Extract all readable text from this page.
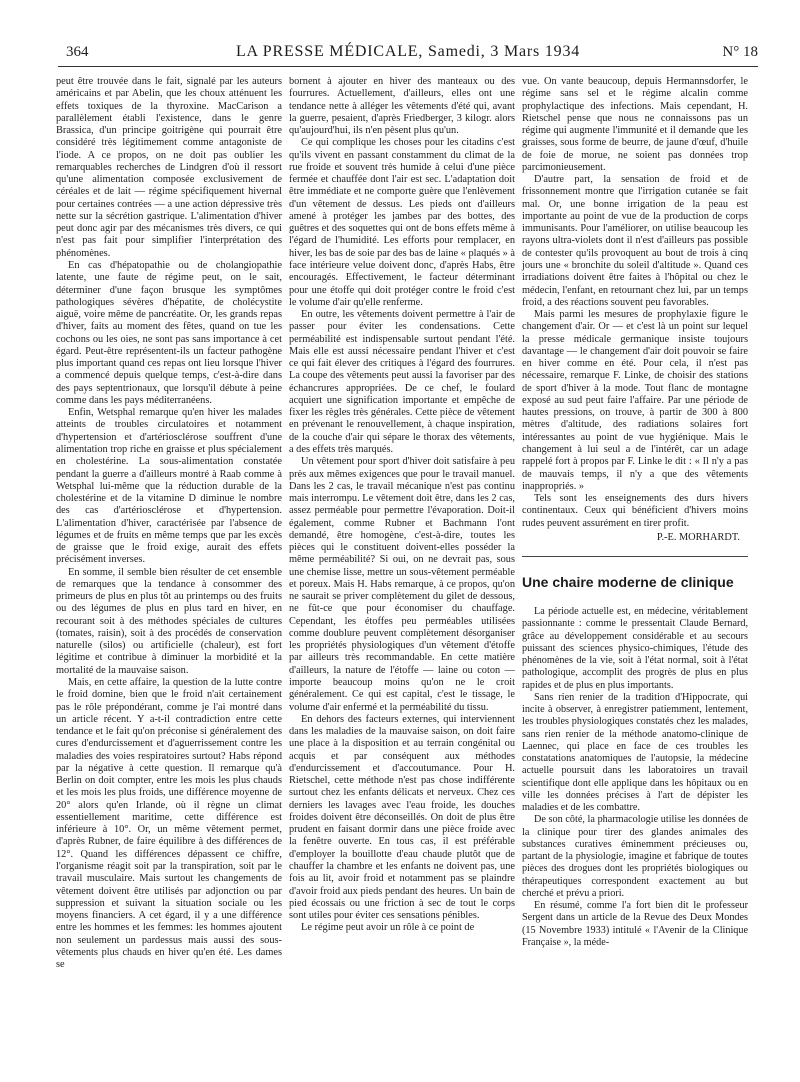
364	LA PRESSE MÉDICALE, Samedi, 3 Mars 1934	N° 18

peut être trouvée dans le fait, signalé par les auteurs américains et par Abelin, que les choux atténuent les effets toxiques de la thyroxine. MacCarison a parallèlement établi l'existence, dans le genre Brassica, d'un principe goitrigène qui pourrait être considéré très légitimement comme antagoniste de l'iode. A ce propos, on ne doit pas oublier les remarquables recherches de Lindgren d'où il ressort qu'une alimentation composée exclusivement de céréales et de lait — régime spécifiquement hivernal pour certaines contrées — a une action dépressive très nette sur la sécrétion gastrique. L'alimentation d'hiver peut donc agir par des mécanismes très divers, ce qui n'est pas fait pour simplifier l'interprétation des phénomènes.

En cas d'hépatopathie ou de cholangiopathie latente, une faute de régime peut, on le sait, déterminer d'une façon brusque les symptômes pathologiques sévères d'hépatite, de cholécystite aiguë, voire même de pancréatite. Or, les grands repas d'hiver, faits au moment des fêtes, quand on tue les cochons ou les oies, ne sont pas sans importance à cet égard. Peut-être représentent-ils un facteur pathogène plus important quand ces repas ont lieu lorsque l'hiver a commencé depuis quelque temps, c'est-à-dire dans des pays septentrionaux, que lorsqu'il débute à peine comme dans les pays méditerranéens.

Enfin, Wetsphal remarque qu'en hiver les malades atteints de troubles circulatoires et notamment d'hypertension et d'artériosclérose souffrent d'une alimentation trop riche en graisse et plus spécialement en cholestérine. La sous-alimentation constatée pendant la guerre a d'ailleurs montré à Raab comme à Wetsphal lui-même que la réduction durable de la cholestérine et de la vitamine D diminue le nombre des cas d'artériosclérose et d'hypertension. L'alimentation d'hiver, caractérisée par l'absence de légumes et de fruits en même temps que par les excès de graisse que le froid exige, aurait des effets précisément inverses.

En somme, il semble bien résulter de cet ensemble de remarques que la tendance à consommer des primeurs de plus en plus tôt au printemps ou des fruits ou des légumes de plus en plus tard en hiver, en recourant soit à des méthodes spéciales de cultures (tomates, raisin), soit à des procédés de conservation naturelle (silos) ou artificielle (chaleur), est fort légitime et contribue à diminuer la morbidité et la mortalité de la mauvaise saison.

Mais, en cette affaire, la question de la lutte contre le froid domine, bien que le froid n'ait certainement pas le rôle prépondérant, comme je l'ai montré dans un article récent. Y a-t-il contradiction entre cette tendance et le fait qu'on préconise si généralement des cures d'endurcissement et d'aguerrissement contre les maladies des voies respiratoires surtout? Habs répond par la négative à cette question. Il remarque qu'à Berlin on doit compter, entre les mois les plus chauds et les mois les plus froids, une différence moyenne de 20° alors qu'en Irlande, où il règne un climat essentiellement maritime, cette différence est inférieure à 10°. Or, un même vêtement permet, d'après Rubner, de faire équilibre à des différences de 12°. Quand les différences dépassent ce chiffre, l'organisme réagit soit par la transpiration, soit par le travail musculaire. Mais surtout les changements de vêtement doivent être utilisés par adjonction ou par suppression et suivant la situation sociale ou les moyens financiers. A cet égard, il y a une différence entre les hommes et les femmes: les hommes ajoutent non seulement un pardessus mais aussi des sous-vêtements plus chauds en hiver qu'en été. Les dames se

bornent à ajouter en hiver des manteaux ou des fourrures. Actuellement, d'ailleurs, elles ont une tendance nette à alléger les vêtements d'été qui, avant la guerre, pesaient, d'après Friedberger, 3 kilogr. alors qu'aujourd'hui, ils n'en pèsent plus qu'un.

Ce qui complique les choses pour les citadins c'est qu'ils vivent en passant constamment du climat de la rue froide et souvent très humide à celui d'une pièce fermée et chauffée dont l'air est sec. L'adaptation doit être immédiate et ne comporte guère que l'enlèvement d'un vêtement de dessus. Les pieds ont d'ailleurs amené à protéger les jambes par des bottes, des guêtres et des soquettes qui ont de bons effets même à l'égard de l'humidité. Les efforts pour remplacer, en hiver, les bas de soie par des bas de laine « plaqués » à face intérieure velue doivent donc, d'après Habs, être encouragés. Effectivement, le facteur déterminant pour une étoffe qui doit protéger contre le froid c'est le volume d'air qu'elle renferme.

En outre, les vêtements doivent permettre à l'air de passer pour éviter les condensations. Cette perméabilité est indispensable surtout pendant l'été. Mais elle est aussi nécessaire pendant l'hiver et c'est ce qui fait élever des critiques à l'égard des fourrures. La coupe des vêtements peut aussi la favoriser par des échancrures appropriées. De ce chef, le foulard acquiert une signification importante et empêche de fixer les règles très générales. Cette pièce de vêtement en prévenant le renouvellement, à chaque inspiration, de la couche d'air qui sépare le thorax des vêtements, a des effets très marqués.

Un vêtement pour sport d'hiver doit satisfaire à peu près aux mêmes exigences que pour le travail manuel. Dans les 2 cas, le travail mécanique n'est pas continu mais interrompu. Le vêtement doit être, dans les 2 cas, assez perméable pour permettre l'évaporation. Doit-il également, comme Rubner et Bachmann l'ont demandé, être homogène, c'est-à-dire, toutes les pièces qui le constituent doivent-elles posséder la même perméabilité? Si oui, on ne devrait pas, sous une chemise lisse, mettre un sous-vêtement perméable et poreux. Mais H. Habs remarque, à ce propos, qu'on ne saurait se priver complètement du gilet de dessous, ne fût-ce que pour économiser du chauffage. Cependant, les étoffes peu perméables utilisées comme doublure peuvent complètement désorganiser les propriétés physiologiques d'un vêtement d'étoffe par ailleurs très recommandable. En cette matière d'ailleurs, la nature de l'étoffe — laine ou coton — importe beaucoup moins qu'on ne le croit généralement. Ce qui est capital, c'est le tissage, le volume d'air enfermé et la perméabilité du tissu.

En dehors des facteurs externes, qui interviennent dans les maladies de la mauvaise saison, on doit faire une place à la disposition et au terrain congénital ou acquis et par conséquent aux méthodes d'endurcissement et d'accoutumance. Pour H. Rietschel, cette méthode n'est pas chose indifférente surtout chez les enfants délicats et nerveux. Chez ces derniers les lavages avec l'eau froide, les douches froides doivent être déconseillés. On doit de plus être prudent en faisant dormir dans une pièce froide avec la fenêtre ouverte. En tous cas, il est préférable d'employer la bouillotte d'eau chaude plutôt que de chauffer la chambre et les enfants ne doivent pas, une fois au lit, avoir froid et notamment pas se plaindre d'avoir froid aux pieds pendant des heures. Un bain de pied écossais ou une friction à sec de tout le corps sont utiles pour éviter ces sensations pénibles.

Le régime peut avoir un rôle à ce point de

vue. On vante beaucoup, depuis Hermannsdorfer, le régime sans sel et le régime alcalin comme prophylactique des infections. Mais cependant, H. Rietschel pense que nous ne connaissons pas un régime qui augmente l'immunité et il demande que les graisses, sous forme de beurre, de jaune d'œuf, d'huile de foie de morue, ne soient pas données trop parcimonieusement.

D'autre part, la sensation de froid et de frissonnement montre que l'irrigation cutanée se fait mal. Or, une bonne irrigation de la peau est importante au point de vue de la production de corps immunisants. Pour l'améliorer, on utilise beaucoup les rayons ultra-violets dont il n'est d'ailleurs pas possible de contester qu'ils provoquent au bout de trois à cinq jours une « bronchite du soleil d'altitude ». Quand ces irradiations doivent être faites à l'hôpital ou chez le médecin, l'enfant, en retournant chez lui, par un temps froid, a des réactions souvent peu favorables.

Mais parmi les mesures de prophylaxie figure le changement d'air. Or — et c'est là un point sur lequel la presse médicale germanique insiste toujours davantage — le changement d'air doit pouvoir se faire en hiver comme en été. Pour cela, il n'est pas nécessaire, remarque F. Linke, de choisir des stations de sport d'hiver à la mode. Tout flanc de montagne exposé au sud peut faire l'affaire. Par une période de hautes pressions, on trouve, à partir de 300 à 800 mètres d'altitude, des radiations solaires fort intéressantes au point de vue hygiénique. Mais le changement à lui seul a de l'intérêt, car un adage rappelé fort à propos par F. Linke le dit : « Il n'y a pas de mauvais temps, il n'y a que des vêtements inappropriés. »

Tels sont les enseignements des durs hivers continentaux. Ceux qui bénéficient d'hivers moins rudes peuvent assurément en tirer profit.

P.-E. MORHARDT.
Une chaire moderne de clinique

La période actuelle est, en médecine, véritablement passionnante : comme le pressentait Claude Bernard, grâce au développement considérable et au secours puissant des sciences physico-chimiques, l'étude des phénomènes de la vie, soit à l'état normal, soit à l'état pathologique, accomplit des progrès de plus en plus rapides et de plus en plus importants.

Sans rien renier de la tradition d'Hippocrate, qui incite à observer, à enregistrer patiemment, lentement, les troubles physiologiques constatés chez les malades, sans rien renier de la méthode anatomo-clinique de Laennec, qui place en face de ces troubles les constatations anatomiques de l'autopsie, la médecine actuelle poursuit dans les laboratoires un travail scientifique dont elle applique dans les hôpitaux ou en ville les données précises à l'art de dépister les maladies et de les combattre.

De son côté, la pharmacologie utilise les données de la clinique pour tirer des glandes animales des substances curatives éminemment précieuses ou, partant de la physiologie, imagine et fabrique de toutes pièces des drogues dont les propriétés biologiques ou thérapeutiques correspondent exactement au but cherché et prévu a priori.

En résumé, comme l'a fort bien dit le professeur Sergent dans un article de la Revue des Deux Mondes (15 Novembre 1933) intitulé « l'Avenir de la Clinique Française », la méde-
